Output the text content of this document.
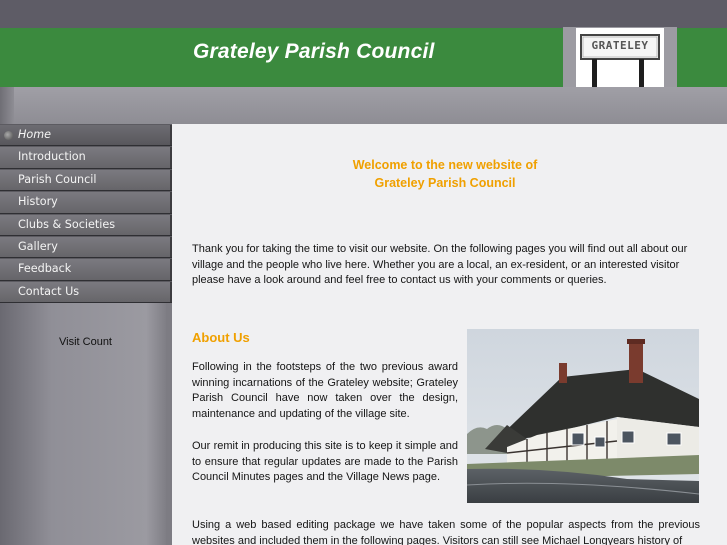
Grateley Parish Council	GRATELEY
Home
Introduction
Parish Council
History
Clubs & Societies
Gallery
Feedback
Contact Us
Visit Count
Welcome to the new website of
Grateley Parish Council

Thank you for taking the time to visit our website. On the following pages you will find out all about our village and the people who live here. Whether you are a local, an ex-resident, or an interested visitor please have a look around and feel free to contact us with your comments or queries.

About Us

Following in the footsteps of the two previous award winning incarnations of the Grateley website; Grateley Parish Council have now taken over the design, maintenance and updating of the village site.

Our remit in producing this site is to keep it simple and to ensure that regular updates are made to the Parish Council Minutes pages and the Village News page.

Using a web based editing package we have taken some of the popular aspects from the previous websites and included them in the following pages. Visitors can still see Michael Longyears history of
